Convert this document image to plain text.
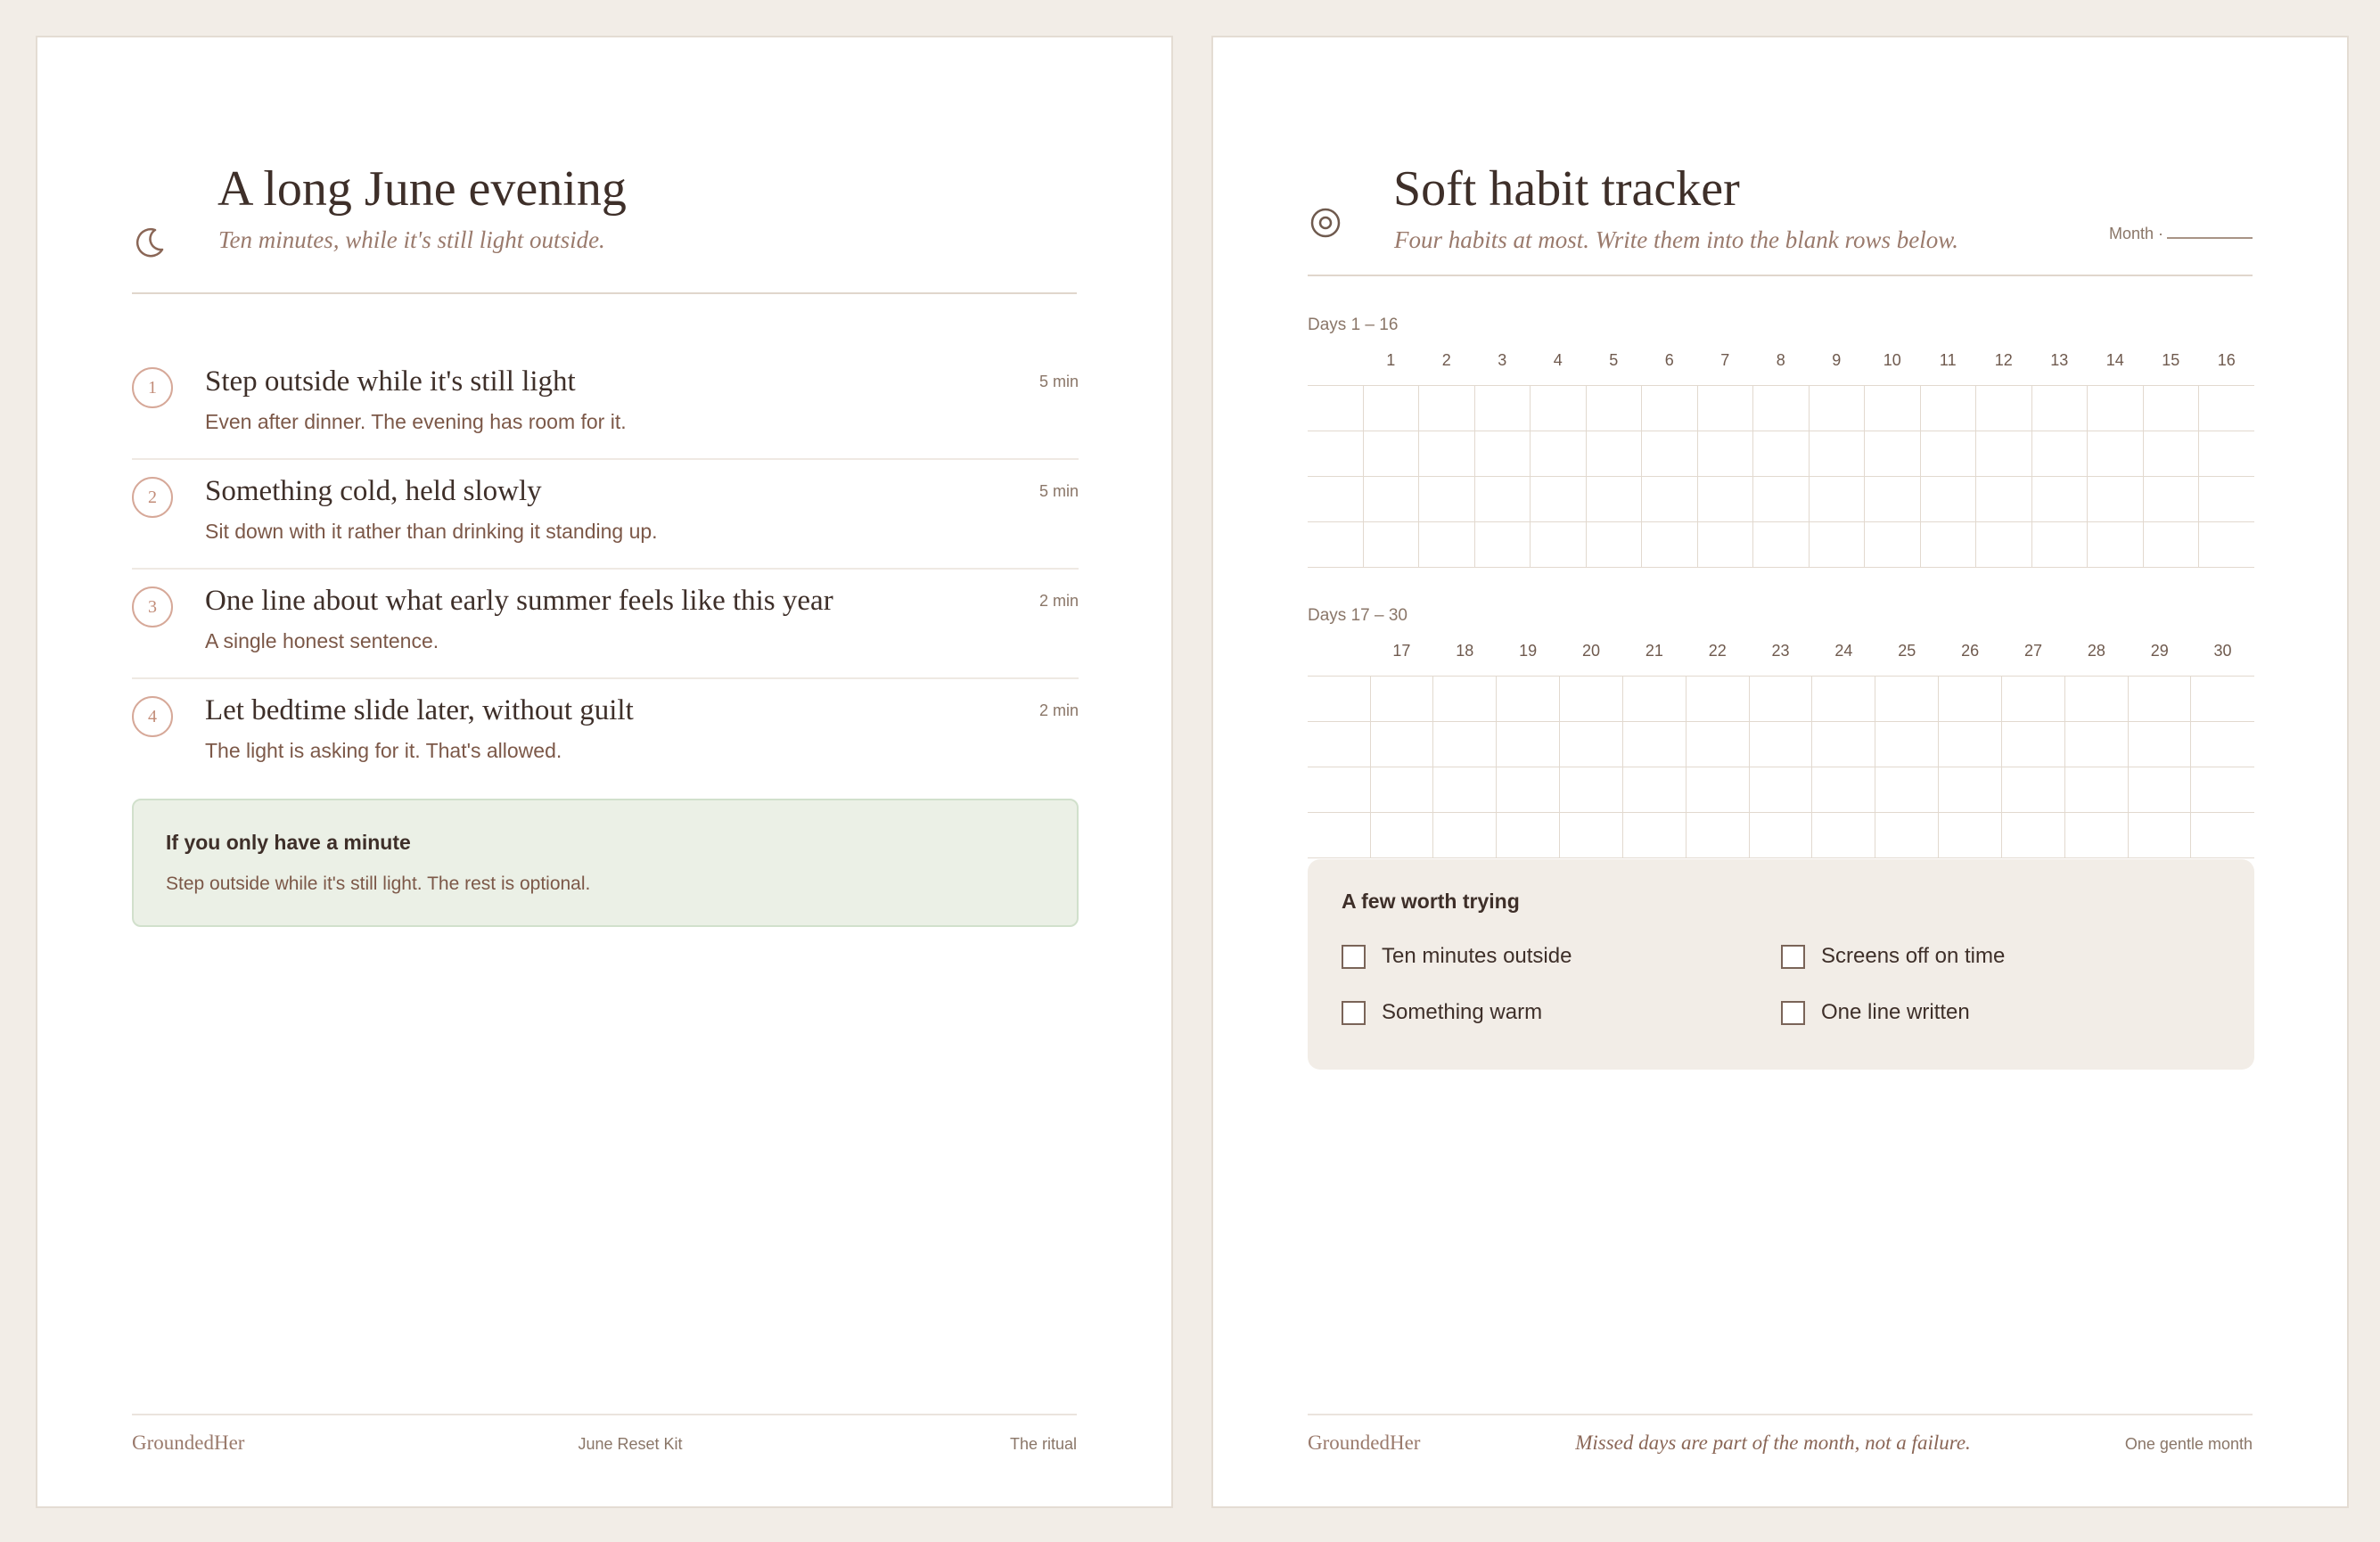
A long June evening
Ten minutes, while it's still light outside.
1	Step outside while it's still light
Even after dinner. The evening has room for it.
5 min
2	Something cold, held slowly
Sit down with it rather than drinking it standing up.
5 min
3	One line about what early summer feels like this year
A single honest sentence.
2 min
4	Let bedtime slide later, without guilt
The light is asking for it. That's allowed.
2 min
If you only have a minute
Step outside while it's still light. The rest is optional.
GroundedHer	June Reset Kit	The ritual
Soft habit tracker
Four habits at most. Write them into the blank rows below.	Month ·
Days 1 – 16
1	2	3	4	5	6	7	8	9	10	11	12	13	14	15	16

Days 17 – 30
17	18	19	20	21	22	23	24	25	26	27	28	29	30

A few worth trying
Ten minutes outside	Screens off on time
Something warm	One line written
GroundedHer	Missed days are part of the month, not a failure.	One gentle month
